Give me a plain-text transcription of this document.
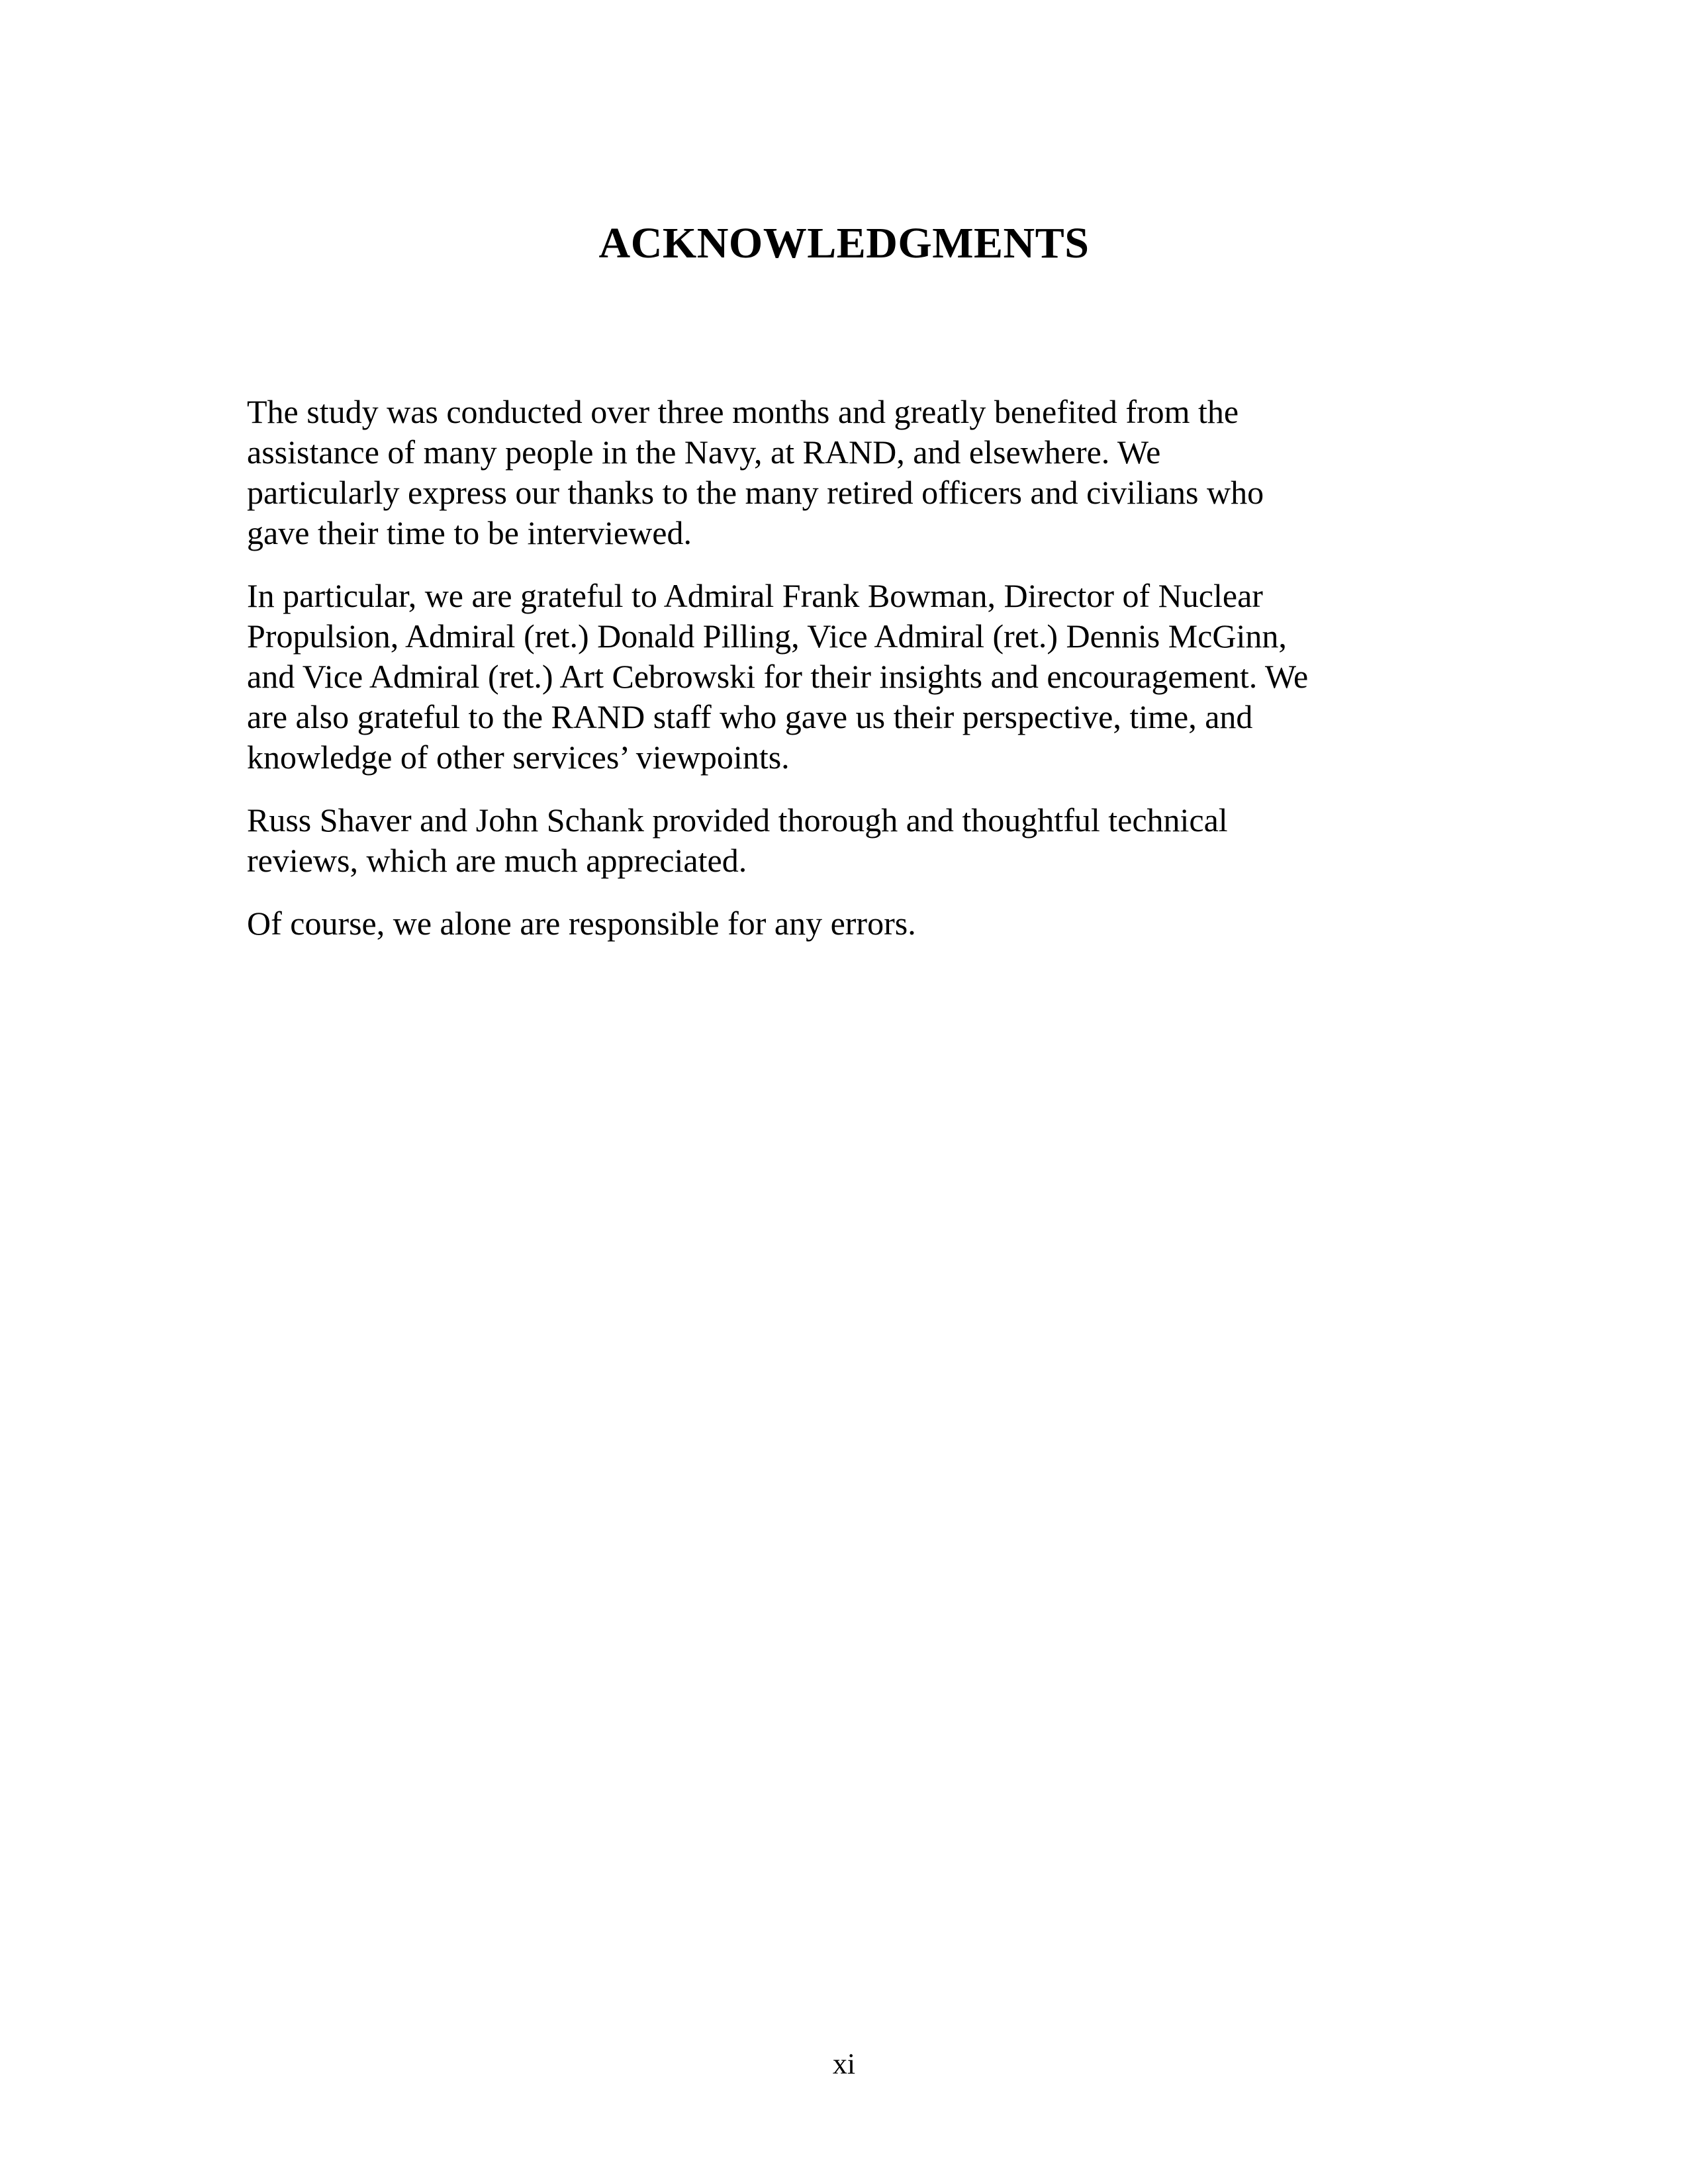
ACKNOWLEDGMENTS

The study was conducted over three months and greatly benefited from the
assistance of many people in the Navy, at RAND, and elsewhere. We
particularly express our thanks to the many retired officers and civilians who
gave their time to be interviewed.

In particular, we are grateful to Admiral Frank Bowman, Director of Nuclear
Propulsion, Admiral (ret.) Donald Pilling, Vice Admiral (ret.) Dennis McGinn,
and Vice Admiral (ret.) Art Cebrowski for their insights and encouragement. We
are also grateful to the RAND staff who gave us their perspective, time, and
knowledge of other services’ viewpoints.

Russ Shaver and John Schank provided thorough and thoughtful technical
reviews, which are much appreciated.

Of course, we alone are responsible for any errors.

xi
